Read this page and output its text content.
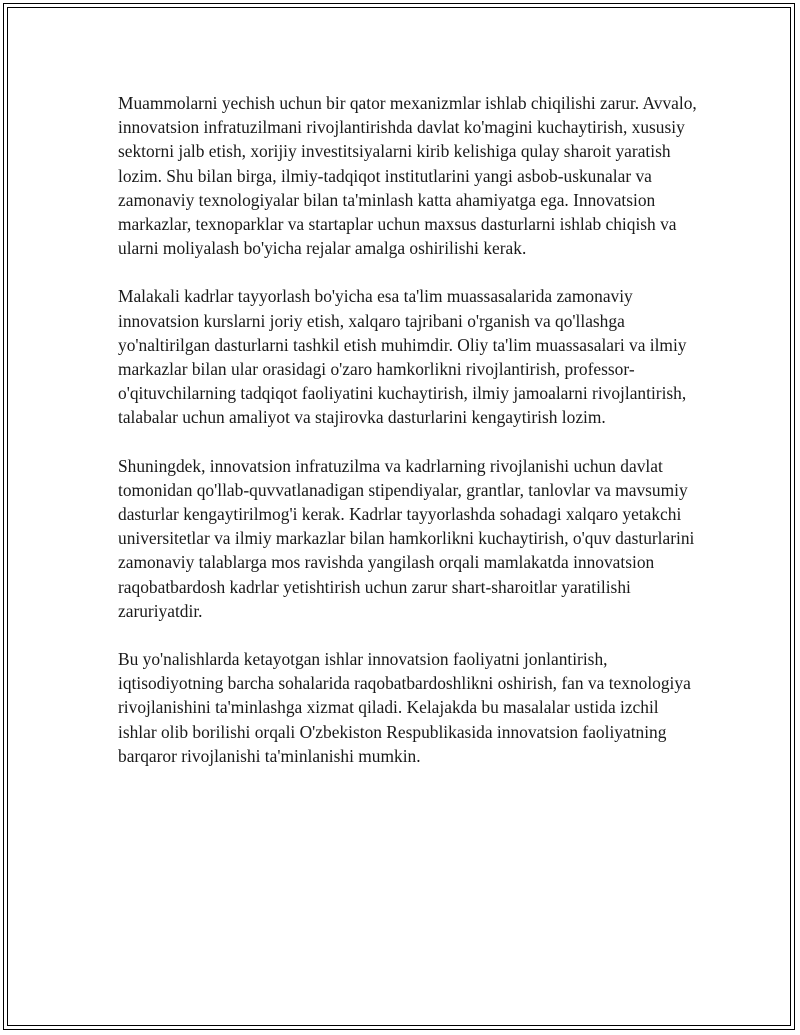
Muammolarni yechish uchun bir qator mexanizmlar ishlab chiqilishi zarur. Avvalo, innovatsion infratuzilmani rivojlantirishda davlat ko'magini kuchaytirish, xususiy sektorni jalb etish, xorijiy investitsiyalarni kirib kelishiga qulay sharoit yaratish lozim. Shu bilan birga, ilmiy-tadqiqot institutlarini yangi asbob-uskunalar va zamonaviy texnologiyalar bilan ta'minlash katta ahamiyatga ega. Innovatsion markazlar, texnoparklar va startaplar uchun maxsus dasturlarni ishlab chiqish va ularni moliyalash bo'yicha rejalar amalga oshirilishi kerak.

Malakali kadrlar tayyorlash bo'yicha esa ta'lim muassasalarida zamonaviy innovatsion kurslarni joriy etish, xalqaro tajribani o'rganish va qo'llashga yo'naltirilgan dasturlarni tashkil etish muhimdir. Oliy ta'lim muassasalari va ilmiy markazlar bilan ular orasidagi o'zaro hamkorlikni rivojlantirish, professor-o'qituvchilarning tadqiqot faoliyatini kuchaytirish, ilmiy jamoalarni rivojlantirish, talabalar uchun amaliyot va stajirovka dasturlarini kengaytirish lozim.

Shuningdek, innovatsion infratuzilma va kadrlarning rivojlanishi uchun davlat tomonidan qo'llab-quvvatlanadigan stipendiyalar, grantlar, tanlovlar va mavsumiy dasturlar kengaytirilmog'i kerak. Kadrlar tayyorlashda sohadagi xalqaro yetakchi universitetlar va ilmiy markazlar bilan hamkorlikni kuchaytirish, o'quv dasturlarini zamonaviy talablarga mos ravishda yangilash orqali mamlakatda innovatsion raqobatbardosh kadrlar yetishtirish uchun zarur shart-sharoitlar yaratilishi zaruriyatdir.

Bu yo'nalishlarda ketayotgan ishlar innovatsion faoliyatni jonlantirish, iqtisodiyotning barcha sohalarida raqobatbardoshlikni oshirish, fan va texnologiya rivojlanishini ta'minlashga xizmat qiladi. Kelajakda bu masalalar ustida izchil ishlar olib borilishi orqali O'zbekiston Respublikasida innovatsion faoliyatning barqaror rivojlanishi ta'minlanishi mumkin.
